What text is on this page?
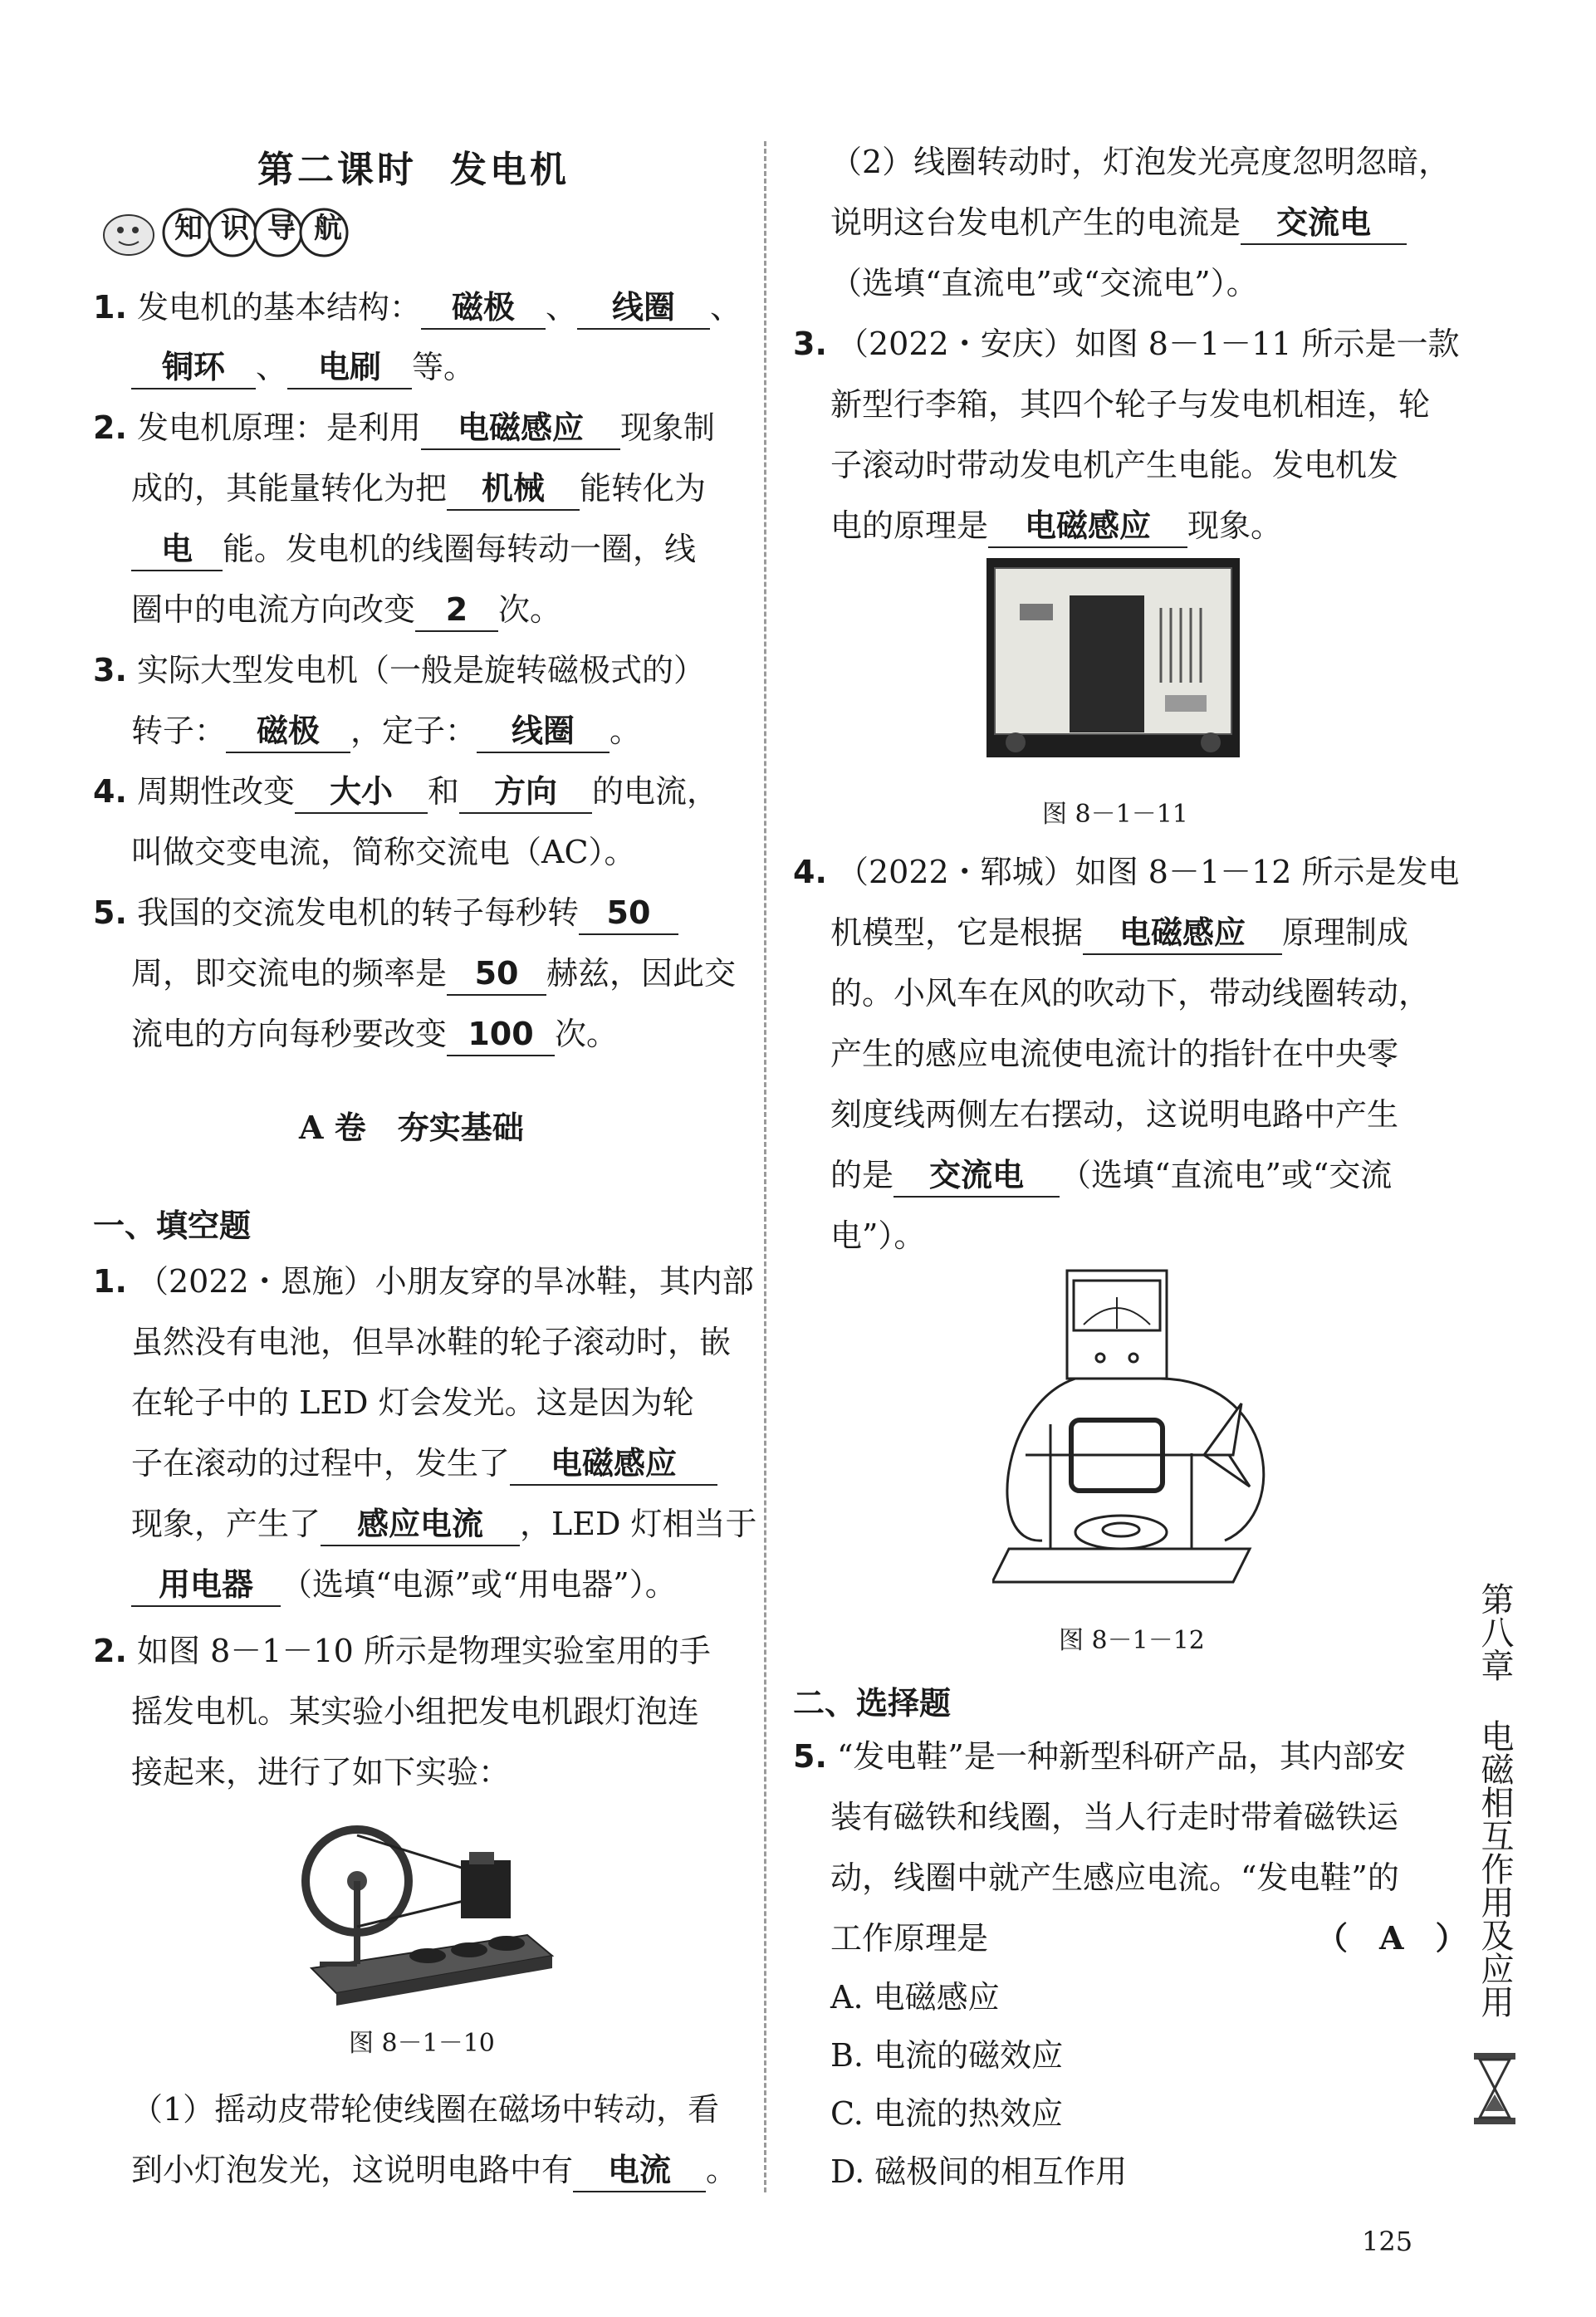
第二课时 发电机
知识导航
1. 发电机的基本结构： 磁极 、 线圈 、
铜环 、 电刷 等。
2. 发电机原理：是利用 电磁感应 现象制
成的，其能量转化为把 机械 能转化为
电 能。发电机的线圈每转动一圈，线
圈中的电流方向改变 2 次。
3. 实际大型发电机（一般是旋转磁极式的）
转子： 磁极 ，定子： 线圈 。
4. 周期性改变 大小 和 方向 的电流，
叫做交变电流，简称交流电（AC）。
5. 我国的交流发电机的转子每秒转 50
周，即交流电的频率是 50 赫兹，因此交
流电的方向每秒要改变 100 次。
A 卷　夯实基础
一、填空题
1. （2022・恩施）小朋友穿的旱冰鞋，其内部
虽然没有电池，但旱冰鞋的轮子滚动时，嵌
在轮子中的 LED 灯会发光。这是因为轮
子在滚动的过程中，发生了 电磁感应
现象，产生了 感应电流 ，LED 灯相当于
用电器 （选填“电源”或“用电器”）。
2. 如图 8－1－10 所示是物理实验室用的手
摇发电机。某实验小组把发电机跟灯泡连
接起来，进行了如下实验：
图 8－1－10
（1）摇动皮带轮使线圈在磁场中转动，看
到小灯泡发光，这说明电路中有 电流 。
（2）线圈转动时，灯泡发光亮度忽明忽暗，
说明这台发电机产生的电流是 交流电
（选填“直流电”或“交流电”）。
3. （2022・安庆）如图 8－1－11 所示是一款
新型行李箱，其四个轮子与发电机相连，轮
子滚动时带动发电机产生电能。发电机发
电的原理是 电磁感应 现象。
图 8－1－11
4. （2022・郓城）如图 8－1－12 所示是发电
机模型，它是根据 电磁感应 原理制成
的。小风车在风的吹动下，带动线圈转动，
产生的感应电流使电流计的指针在中央零
刻度线两侧左右摆动，这说明电路中产生
的是 交流电 （选填“直流电”或“交流
电”）。
图 8－1－12
二、选择题
5. “发电鞋”是一种新型科研产品，其内部安
装有磁铁和线圈，当人行走时带着磁铁运
动，线圈中就产生感应电流。“发电鞋”的
工作原理是	（　A　）
A. 电磁感应
B. 电流的磁效应
C. 电流的热效应
D. 磁极间的相互作用
第八章
电磁相互作用及应用
125
